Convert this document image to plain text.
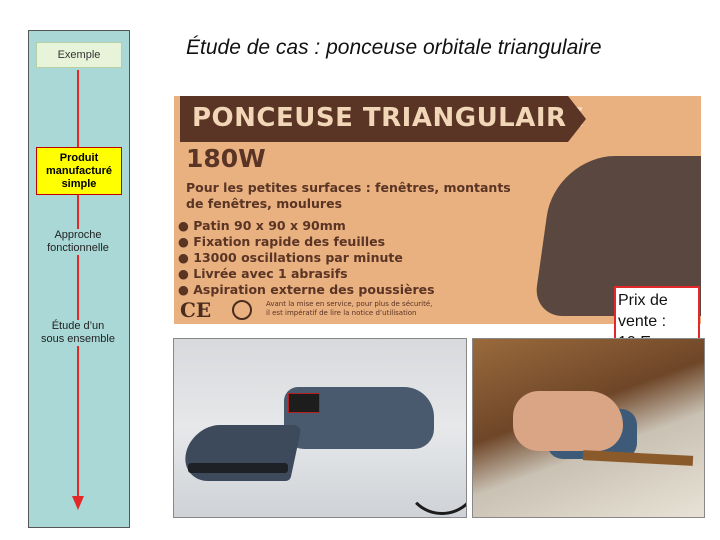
Exemple
Produit
manufacturé
simple
Approche
fonctionnelle
Étude d’un
sous ensemble
Étude de cas : ponceuse orbitale triangulaire
PONCEUSE TRIANGULAIRE
180W
Pour les petites surfaces : fenêtres, montants
de fenêtres, moulures
● Patin 90 x 90 x 90mm
● Fixation rapide des feuilles
● 13000 oscillations par minute
● Livrée avec 1 abrasifs
● Aspiration externe des poussières
CE	Avant la mise en service, pour plus de sécurité,
il est impératif de lire la notice d’utilisation
Prix de
vente :
